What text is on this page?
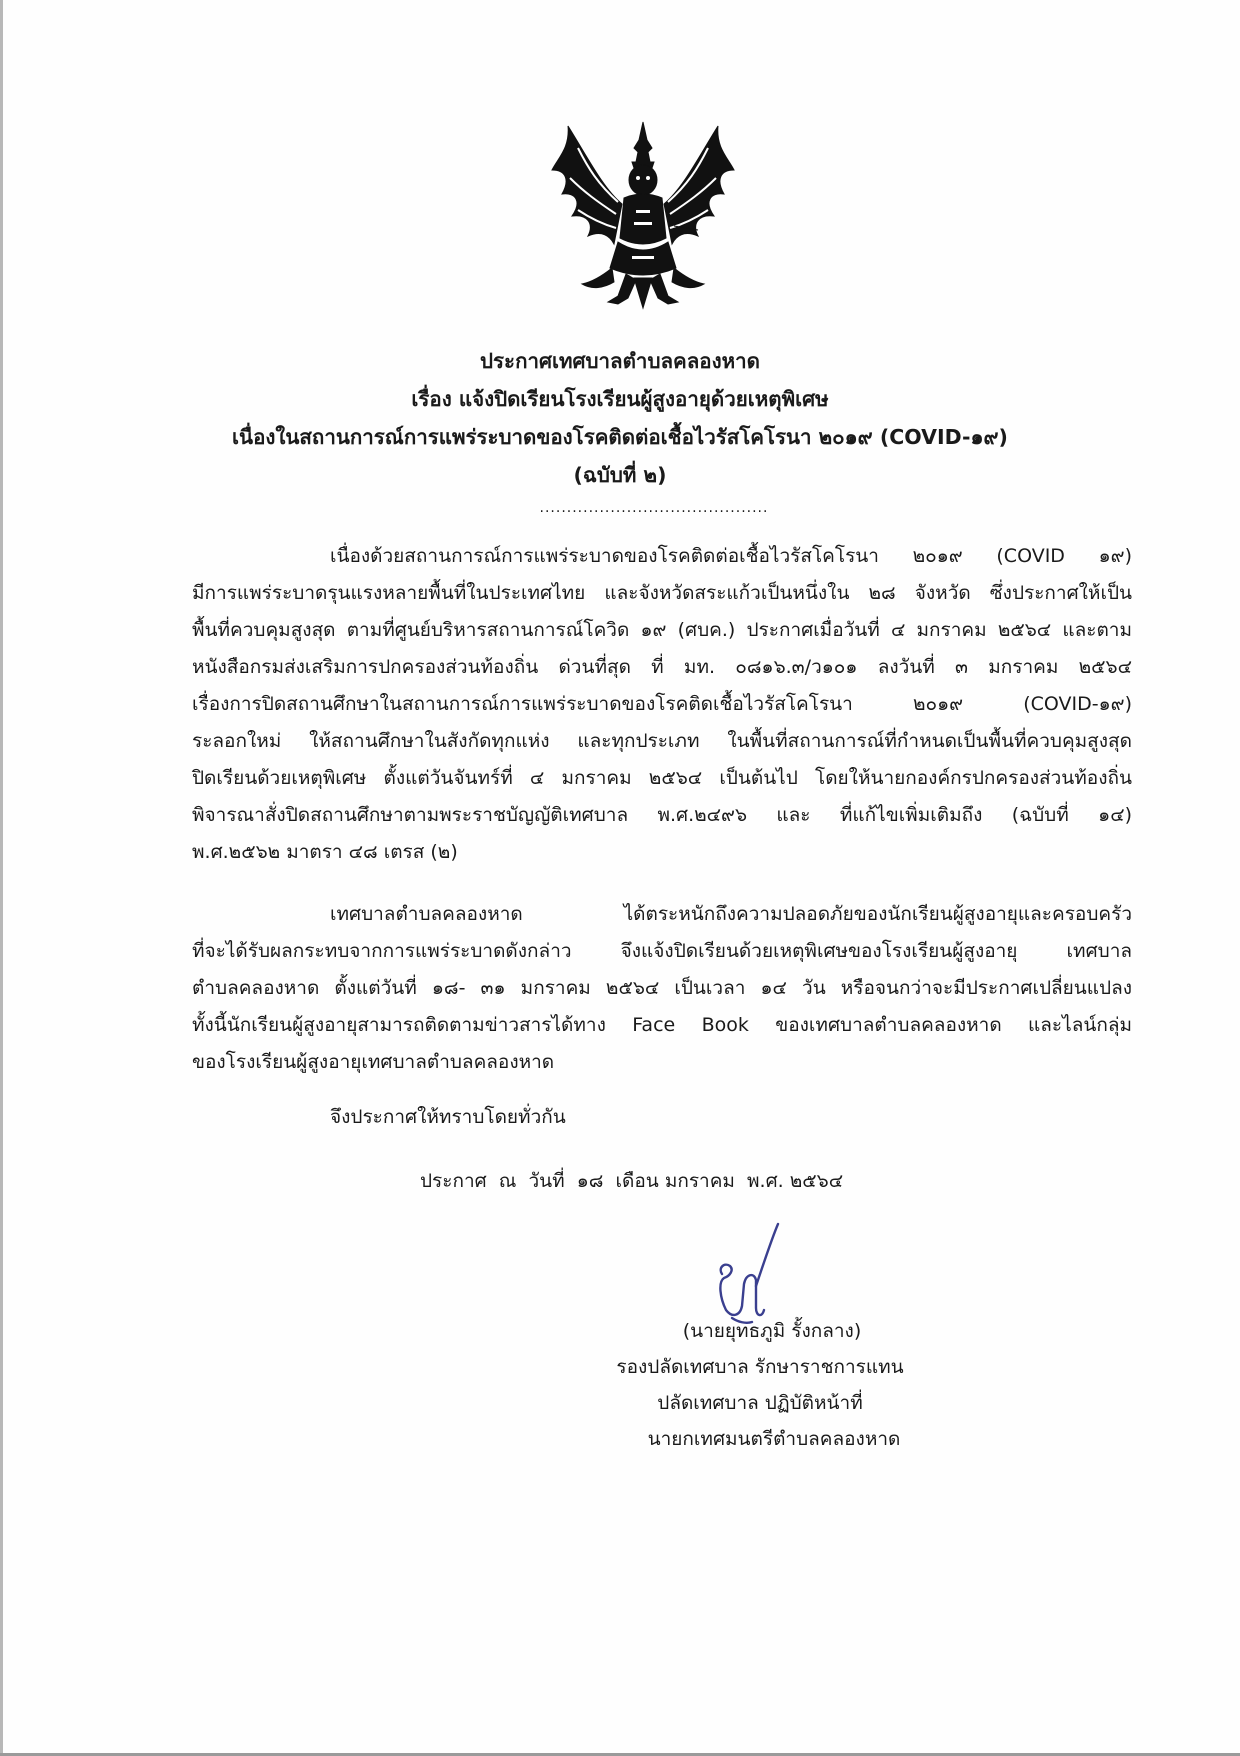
ประกาศเทศบาลตำบลคลองหาด
เรื่อง แจ้งปิดเรียนโรงเรียนผู้สูงอายุด้วยเหตุพิเศษ
เนื่องในสถานการณ์การแพร่ระบาดของโรคติดต่อเชื้อไวรัสโคโรนา ๒๐๑๙ (COVID-๑๙)
(ฉบับที่ ๒)
..........................................
เนื่องด้วยสถานการณ์การแพร่ระบาดของโรคติดต่อเชื้อไวรัสโคโรนา ๒๐๑๙ (COVID ๑๙)
มีการแพร่ระบาดรุนแรงหลายพื้นที่ในประเทศไทย และจังหวัดสระแก้วเป็นหนึ่งใน ๒๘ จังหวัด ซึ่งประกาศให้เป็น
พื้นที่ควบคุมสูงสุด ตามที่ศูนย์บริหารสถานการณ์โควิด ๑๙ (ศบค.) ประกาศเมื่อวันที่ ๔ มกราคม ๒๕๖๔ และตาม
หนังสือกรมส่งเสริมการปกครองส่วนท้องถิ่น ด่วนที่สุด ที่ มท. ๐๘๑๖.๓/ว๑๐๑ ลงวันที่ ๓ มกราคม ๒๕๖๔
เรื่องการปิดสถานศึกษาในสถานการณ์การแพร่ระบาดของโรคติดเชื้อไวรัสโคโรนา ๒๐๑๙ (COVID-๑๙)
ระลอกใหม่ ให้สถานศึกษาในสังกัดทุกแห่ง และทุกประเภท ในพื้นที่สถานการณ์ที่กำหนดเป็นพื้นที่ควบคุมสูงสุด
ปิดเรียนด้วยเหตุพิเศษ ตั้งแต่วันจันทร์ที่ ๔ มกราคม ๒๕๖๔ เป็นต้นไป โดยให้นายกองค์กรปกครองส่วนท้องถิ่น
พิจารณาสั่งปิดสถานศึกษาตามพระราชบัญญัติเทศบาล พ.ศ.๒๔๙๖ และ ที่แก้ไขเพิ่มเติมถึง (ฉบับที่ ๑๔)
พ.ศ.๒๕๖๒ มาตรา ๔๘ เตรส (๒)
เทศบาลตำบลคลองหาด ได้ตระหนักถึงความปลอดภัยของนักเรียนผู้สูงอายุและครอบครัว
ที่จะได้รับผลกระทบจากการแพร่ระบาดดังกล่าว จึงแจ้งปิดเรียนด้วยเหตุพิเศษของโรงเรียนผู้สูงอายุ เทศบาล
ตำบลคลองหาด ตั้งแต่วันที่ ๑๘- ๓๑ มกราคม ๒๕๖๔ เป็นเวลา ๑๔ วัน หรือจนกว่าจะมีประกาศเปลี่ยนแปลง
ทั้งนี้นักเรียนผู้สูงอายุสามารถติดตามข่าวสารได้ทาง Face Book ของเทศบาลตำบลคลองหาด และไลน์กลุ่ม
ของโรงเรียนผู้สูงอายุเทศบาลตำบลคลองหาด
จึงประกาศให้ทราบโดยทั่วกัน
ประกาศ  ณ  วันที่  ๑๘  เดือน มกราคม  พ.ศ. ๒๕๖๔
(นายยุทธภูมิ รั้งกลาง)
รองปลัดเทศบาล รักษาราชการแทน
ปลัดเทศบาล ปฏิบัติหน้าที่
นายกเทศมนตรีตำบลคลองหาด
